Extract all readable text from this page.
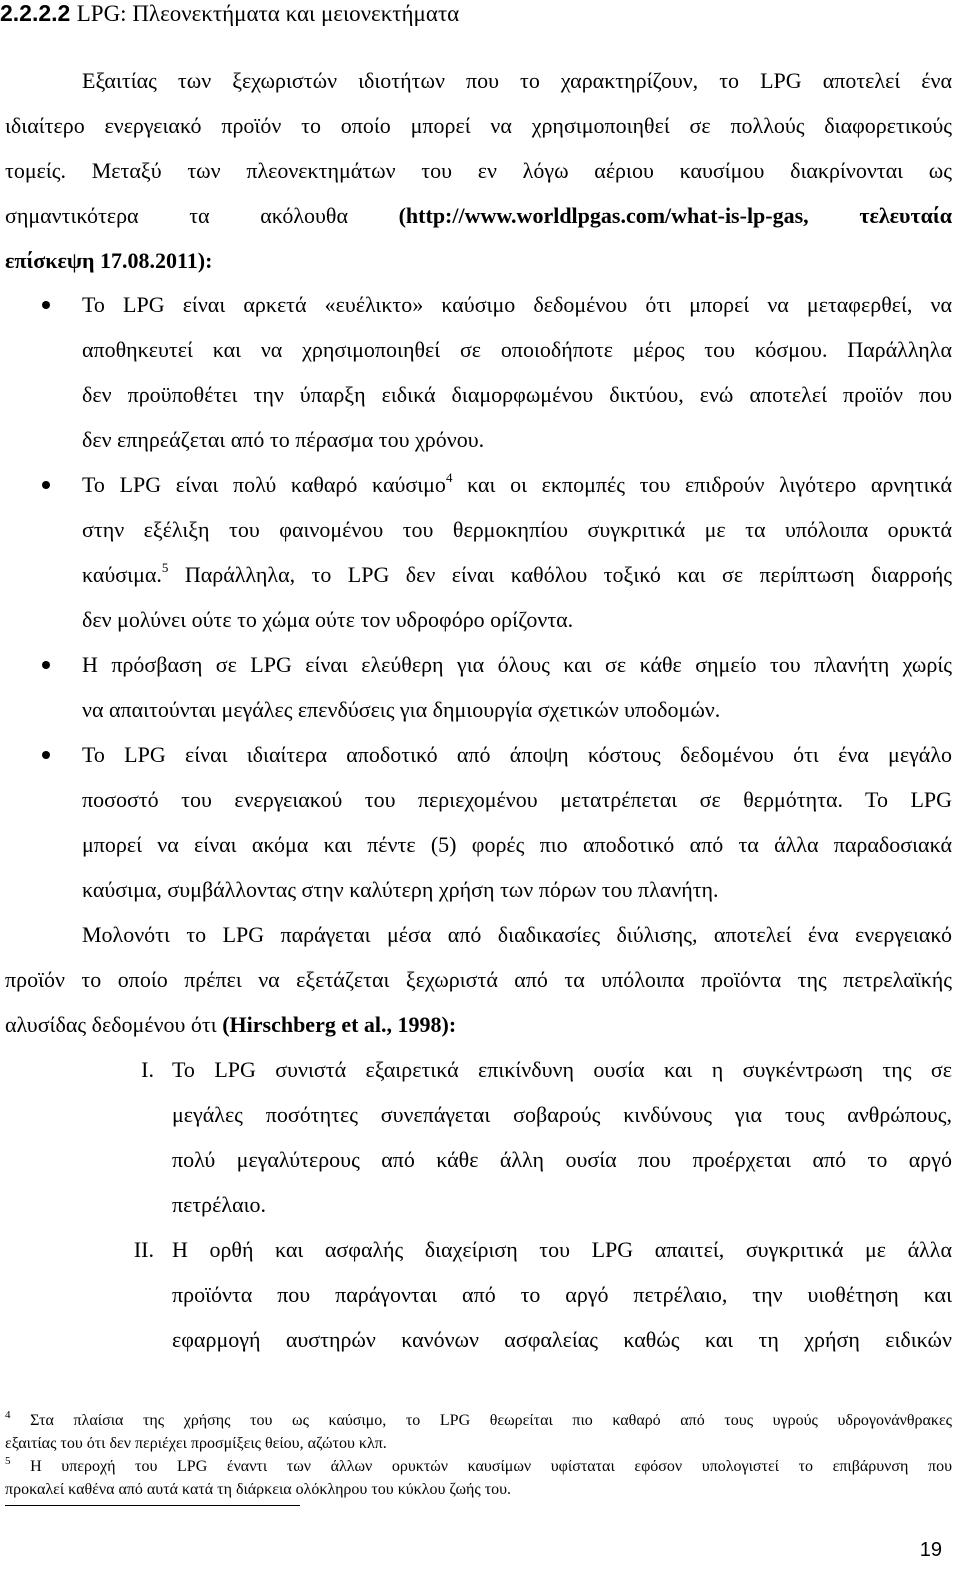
2.2.2.2 LPG: Πλεονεκτήματα και μειονεκτήματα
Εξαιτίας των ξεχωριστών ιδιοτήτων που το χαρακτηρίζουν, το LPG αποτελεί ένα
ιδιαίτερο ενεργειακό προϊόν το οποίο μπορεί να χρησιμοποιηθεί σε πολλούς διαφορετικούς
τομείς. Μεταξύ των πλεονεκτημάτων του εν λόγω αέριου καυσίμου διακρίνονται ως
σημαντικότερα τα ακόλουθα (http://www.worldlpgas.com/what-is-lp-gas, τελευταία
επίσκεψη 17.08.2011):
Το LPG είναι αρκετά «ευέλικτο» καύσιμο δεδομένου ότι μπορεί να μεταφερθεί, να
αποθηκευτεί και να χρησιμοποιηθεί σε οποιοδήποτε μέρος του κόσμου. Παράλληλα
δεν προϋποθέτει την ύπαρξη ειδικά διαμορφωμένου δικτύου, ενώ αποτελεί προϊόν που
δεν επηρεάζεται από το πέρασμα του χρόνου.
Το LPG είναι πολύ καθαρό καύσιμο$^4$ και οι εκπομπές του επιδρούν λιγότερο αρνητικά
στην εξέλιξη του φαινομένου του θερμοκηπίου συγκριτικά με τα υπόλοιπα ορυκτά
καύσιμα.$^5$ Παράλληλα, το LPG δεν είναι καθόλου τοξικό και σε περίπτωση διαρροής
δεν μολύνει ούτε το χώμα ούτε τον υδροφόρο ορίζοντα.
Η πρόσβαση σε LPG είναι ελεύθερη για όλους και σε κάθε σημείο του πλανήτη χωρίς
να απαιτούνται μεγάλες επενδύσεις για δημιουργία σχετικών υποδομών.
Το LPG είναι ιδιαίτερα αποδοτικό από άποψη κόστους δεδομένου ότι ένα μεγάλο
ποσοστό του ενεργειακού του περιεχομένου μετατρέπεται σε θερμότητα. Το LPG
μπορεί να είναι ακόμα και πέντε (5) φορές πιο αποδοτικό από τα άλλα παραδοσιακά
καύσιμα, συμβάλλοντας στην καλύτερη χρήση των πόρων του πλανήτη.
Μολονότι το LPG παράγεται μέσα από διαδικασίες διύλισης, αποτελεί ένα ενεργειακό
προϊόν το οποίο πρέπει να εξετάζεται ξεχωριστά από τα υπόλοιπα προϊόντα της πετρελαϊκής
αλυσίδας δεδομένου ότι (Hirschberg et al., 1998):
I. Το LPG συνιστά εξαιρετικά επικίνδυνη ουσία και η συγκέντρωση της σε
μεγάλες ποσότητες συνεπάγεται σοβαρούς κινδύνους για τους ανθρώπους,
πολύ μεγαλύτερους από κάθε άλλη ουσία που προέρχεται από το αργό
πετρέλαιο.
II. Η ορθή και ασφαλής διαχείριση του LPG απαιτεί, συγκριτικά με άλλα
προϊόντα που παράγονται από το αργό πετρέλαιο, την υιοθέτηση και
εφαρμογή αυστηρών κανόνων ασφαλείας καθώς και τη χρήση ειδικών
$^4$ Στα πλαίσια της χρήσης του ως καύσιμο, το LPG θεωρείται πιο καθαρό από τους υγρούς υδρογονάνθρακες
εξαιτίας του ότι δεν περιέχει προσμίξεις θείου, αζώτου κλπ.
$^5$ Η υπεροχή του LPG έναντι των άλλων ορυκτών καυσίμων υφίσταται εφόσον υπολογιστεί το επιβάρυνση που
προκαλεί καθένα από αυτά κατά τη διάρκεια ολόκληρου του κύκλου ζωής του.
19
